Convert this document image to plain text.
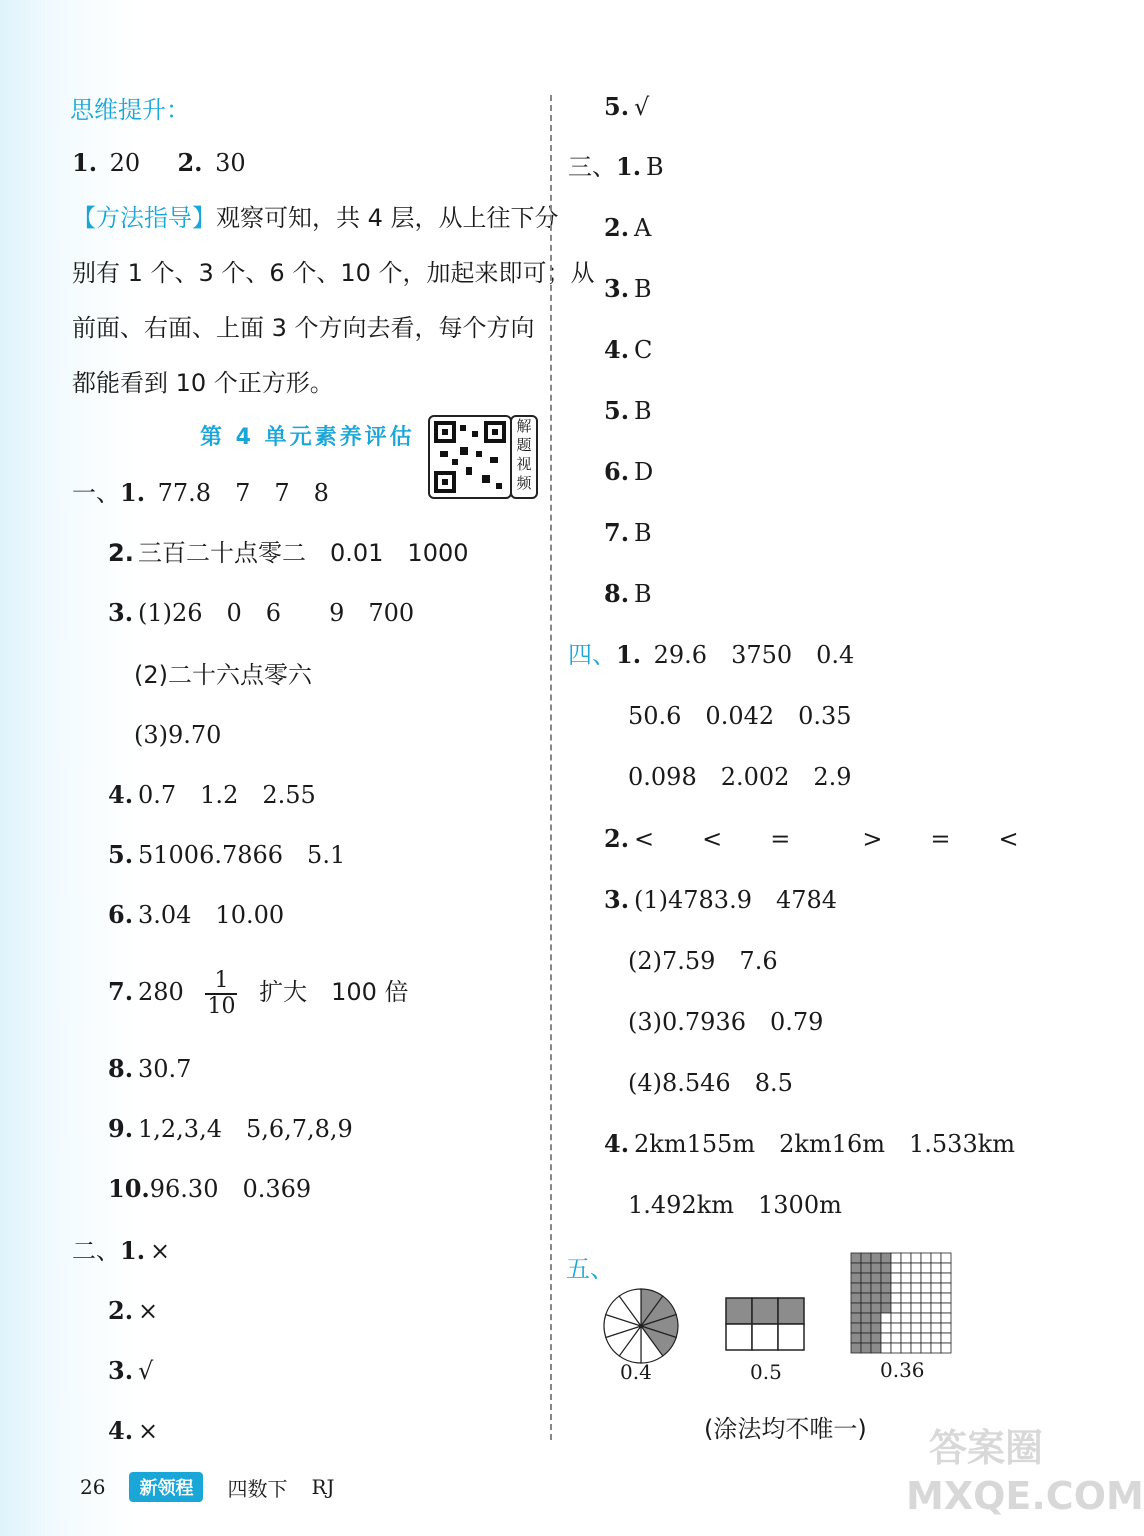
思维提升：
1. 20 2. 30
【方法指导】观察可知，共 4 层，从上往下分
别有 1 个、3 个、6 个、10 个，加起来即可；从
前面、右面、上面 3 个方向去看，每个方向
都能看到 10 个正方形。
第 4 单元素养评估	解题视频
一、1. 77.8　7　7　8
2. 三百二十点零二　0.01　1000
3. (1)26　0　6　　9　700
(2)二十六点零六
(3)9.70
4. 0.7　1.2　2.55
5. 51006.7866　5.1
6. 3.04　10.00
7. $280 \frac{1}{10}$ 扩大　100 倍
8. 30.7
9. 1,2,3,4　5,6,7,8,9
10.96.30　0.369
二、1. ×
2. ×
3. √
4. ×
5. √
三、1. B
2. A
3. B
4. C
5. B
6. D
7. B
8. B
四、1. 29.6　3750　0.4
50.6　0.042　0.35
0.098　2.002　2.9
2. <　　<　　=　　　>　　=　　<
3. (1)4783.9　4784
(2)7.59　7.6
(3)0.7936　0.79
(4)8.546　8.5
4. 2km155m　2km16m　1.533km
1.492km　1300m
五、
0.4	0.5	0.36
(涂法均不唯一)
26	新领程	四数下 RJ
答案圈 MXQE.COM
